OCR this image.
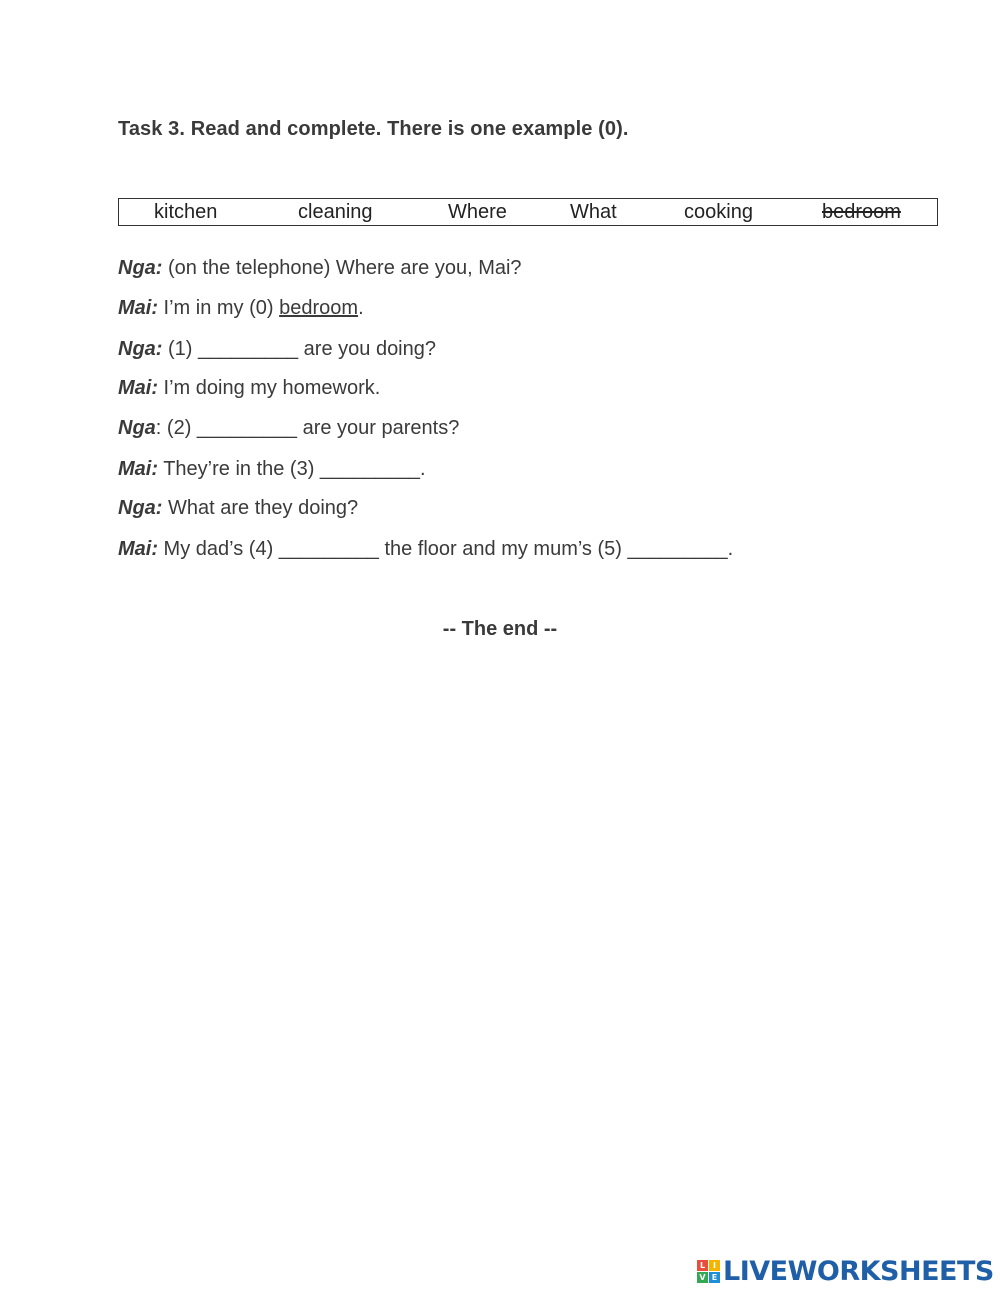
Task 3. Read and complete. There is one example (0).
kitchen	cleaning	Where	What	cooking	bedroom
Nga: (on the telephone) Where are you, Mai?
Mai: I’m in my (0) bedroom.
Nga: (1) _________ are you doing?
Mai: I’m doing my homework.
Nga: (2) _________ are your parents?
Mai: They’re in the (3) _________.
Nga: What are they doing?
Mai: My dad’s (4) _________ the floor and my mum’s (5) _________.
-- The end --
L I
V E LIVEWORKSHEETS
